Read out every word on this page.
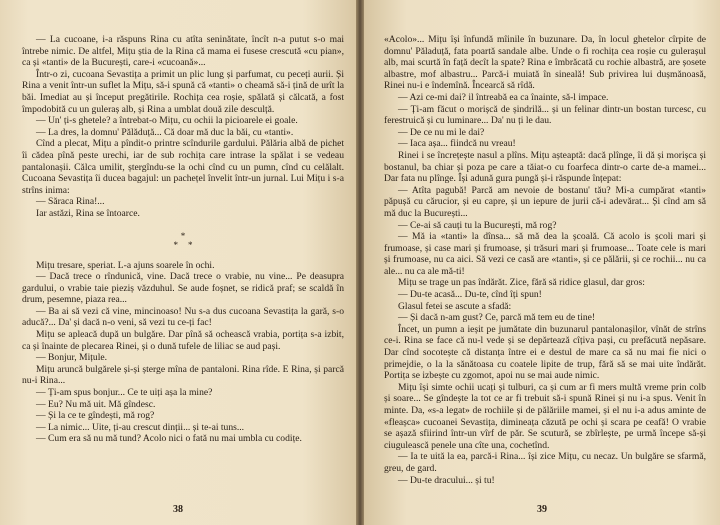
— La cucoane, i-a răspuns Rina cu atîta seninătate, încît n-a putut s-o mai întrebe nimic. De altfel, Mițu știa de la Rina că mama ei fusese crescută «cu pian», ca și «tanti» de la București, care-i «cucoană»...

Într-o zi, cucoana Sevastița a primit un plic lung și parfumat, cu peceți aurii. Și Rina a venit într-un suflet la Mițu, să-i spună că «tanti» o cheamă să-i țină de urît la băi. Imediat au și început pregătirile. Rochița cea roșie, spălată și călcată, a fost împodobită cu un guleraș alb, și Rina a umblat două zile desculță.

— Un' ți-s ghetele? a întrebat-o Mițu, cu ochii la picioarele ei goale.

— La dres, la domnu' Pălăduță... Că doar mă duc la băi, cu «tanti».

Cînd a plecat, Mițu a pîndit-o printre scîndurile gardului. Pălăria albă de pichet îi cădea pînă peste urechi, iar de sub rochița care intrase la spălat i se vedeau pantalonașii. Călca umilit, ștergîndu-se la ochi cînd cu un pumn, cînd cu celălalt. Cucoana Sevastița îi ducea bagajul: un pachețel învelit într-un jurnal. Lui Mițu i s-a strîns inima:

— Săraca Rina!...

Iar astăzi, Rina se întoarce.

*
**

Mițu tresare, speriat. L-a ajuns soarele în ochi.

— Dacă trece o rîndunică, vine. Dacă trece o vrabie, nu vine... Pe deasupra gardului, o vrabie taie pieziș văzduhul. Se aude foșnet, se ridică praf; se scaldă în drum, pesemne, piaza rea...

— Ba ai să vezi că vine, mincinoaso! Nu s-a dus cucoana Sevastița la gară, s-o aducă?... Da' și dacă n-o veni, să vezi tu ce-ți fac!

Mițu se apleacă după un bulgăre. Dar pînă să ochească vrabia, portița s-a izbit, ca și înainte de plecarea Rinei, și o dună tufele de liliac se aud pași.

— Bonjur, Mițule.

Mițu aruncă bulgărele și-și șterge mîna de pantaloni. Rina rîde. E Rina, și parcă nu-i Rina...

— Ți-am spus bonjur... Ce te uiți așa la mine?

— Eu? Nu mă uit. Mă gîndesc.

— Și la ce te gîndești, mă rog?

— La nimic... Uite, ți-au crescut dinții... și te-ai tuns...

— Cum era să nu mă tund? Acolo nici o fată nu mai umbla cu codițe.

38

«Acolo»... Mițu își înfundă mîinile în buzunare. Da, în locul ghetelor cîrpite de domnu' Păladuță, fata poartă sandale albe. Unde o fi rochița cea roșie cu gulerașul alb, mai scurtă în față decît la spate? Rina e îmbrăcată cu rochie albastră, are șosete albastre, mof albastru... Parcă-i muiată în sineală! Sub privirea lui dușmănoasă, Rinei nu-i e îndemînă. Încearcă să rîdă.

— Azi ce-mi dai? il întreabă ea ca înainte, să-l impace.

— Ți-am făcut o morișcă de șindrilă... și un felinar dintr-un bostan turcesc, cu ferestruică și cu luminare... Da' nu ți le dau.

— De ce nu mi le dai?

— Iaca așa... fiindcă nu vreau!

Rinei i se încrețește nasul a plîns. Mițu așteaptă: dacă plînge, îi dă și morișca și bostanul, ba chiar și poza pe care a tăiat-o cu foarfeca dintr-o carte de-a mamei... Dar fata nu plînge. Își adună gura pungă și-i răspunde înțepat:

— Atîta pagubă! Parcă am nevoie de bostanu' tău? Mi-a cumpărat «tanti» păpușă cu cărucior, și eu capre, și un iepure de jurii că-i adevărat... Și cînd am să mă duc la București...

— Ce-ai să cauți tu la București, mă rog?

— Mă ia «tanti» la dînsa... să mă dea la școală. Că acolo is școli mari și frumoase, și case mari și frumoase, și trăsuri mari și frumoase... Toate cele is mari și frumoase, nu ca aici. Să vezi ce casă are «tanti», și ce pălării, și ce rochii... nu ca ale... nu ca ale mă-ti!

Mițu se trage un pas îndărăt. Zice, fără să ridice glasul, dar gros:

— Du-te acasă... Du-te, cînd îți spun!

Glasul fetei se ascute a sfadă:

— Și dacă n-am gust? Ce, parcă mă tem eu de tine!

Încet, un pumn a ieșit pe jumătate din buzunarul pantalonașilor, vînăt de strîns ce-i. Rina se face că nu-l vede și se depărtează cîțiva pași, cu prefăcută nepăsare. Dar cînd socotește că distanța între ei e destul de mare ca să nu mai fie nici o primejdie, o la la sănătoasa cu coatele lipite de trup, fără să se mai uite îndărăt. Portița se izbește cu zgomot, apoi nu se mai aude nimic.

Mițu își simte ochii ucați și tulburi, ca și cum ar fi mers multă vreme prin colb și soare... Se gîndește la tot ce ar fi trebuit să-i spună Rinei și nu i-a spus. Venit în minte. Da, «s-a legat» de rochiile și de pălăriile mamei, și el nu i-a adus aminte de «fleașca» cucoanei Sevastița, dimineața căzută pe ochi și scara pe ceafă! O vrabie se așază sfiirind într-un vîrf de păr. Se scutură, se zbîrlește, pe urmă începe să-și ciugulească penele una cîte una, cochetînd.

— Ia te uită la ea, parcă-i Rina... își zice Mițu, cu necaz. Un bulgăre se sfarmă, greu, de gard.

— Du-te dracului... și tu!

39
